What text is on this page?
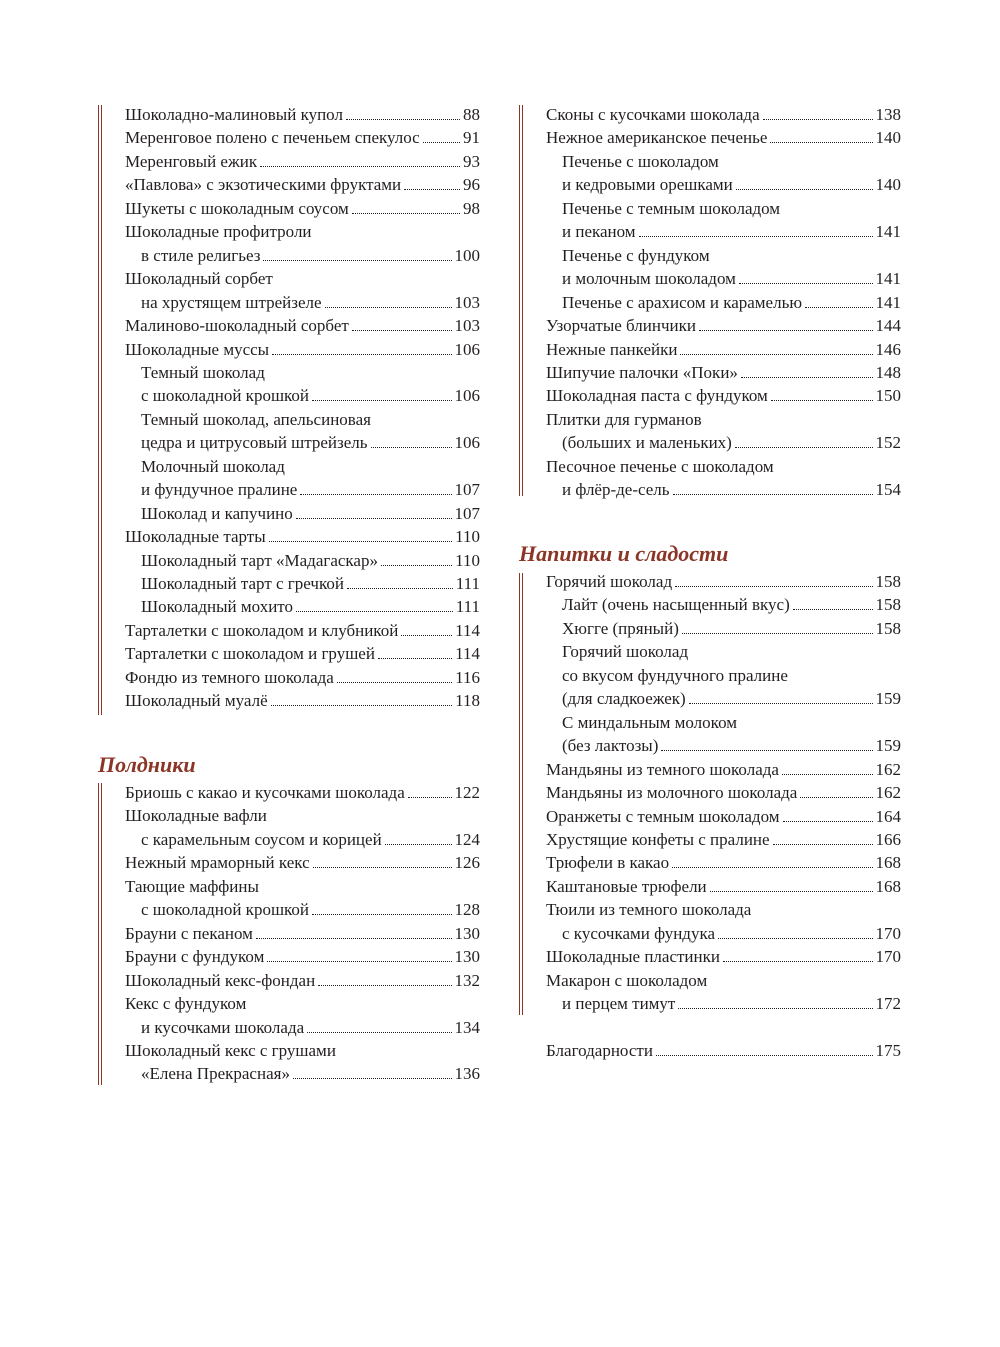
Шоколадно-малиновый купол	88
Меренговое полено с печеньем спекулос	91
Меренговый ежик	93
«Павлова» с экзотическими фруктами	96
Шукеты с шоколадным соусом	98
Шоколадные профитроли
в стиле религьез	100
Шоколадный сорбет
на хрустящем штрейзеле	103
Малиново-шоколадный сорбет	103
Шоколадные муссы	106
Темный шоколад
с шоколадной крошкой	106
Темный шоколад, апельсиновая
цедра и цитрусовый штрейзель	106
Молочный шоколад
и фундучное пралине	107
Шоколад и капучино	107
Шоколадные тарты	110
Шоколадный тарт «Мадагаскар»	110
Шоколадный тарт с гречкой	111
Шоколадный мохито	111
Тарталетки с шоколадом и клубникой	114
Тарталетки с шоколадом и грушей	114
Фондю из темного шоколада	116
Шоколадный муалё	118
Полдники
Бриошь с какао и кусочками шоколада	122
Шоколадные вафли
с карамельным соусом и корицей	124
Нежный мраморный кекс	126
Тающие маффины
с шоколадной крошкой	128
Брауни с пеканом	130
Брауни с фундуком	130
Шоколадный кекс-фондан	132
Кекс с фундуком
и кусочками шоколада	134
Шоколадный кекс с грушами
«Елена Прекрасная»	136
Сконы с кусочками шоколада	138
Нежное американское печенье	140
Печенье с шоколадом
и кедровыми орешками	140
Печенье с темным шоколадом
и пеканом	141
Печенье с фундуком
и молочным шоколадом	141
Печенье с арахисом и карамелью	141
Узорчатые блинчики	144
Нежные панкейки	146
Шипучие палочки «Поки»	148
Шоколадная паста с фундуком	150
Плитки для гурманов
(больших и маленьких)	152
Песочное печенье с шоколадом
и флёр-де-сель	154
Напитки и сладости
Горячий шоколад	158
Лайт (очень насыщенный вкус)	158
Хюгге (пряный)	158
Горячий шоколад
со вкусом фундучного пралине
(для сладкоежек)	159
С миндальным молоком
(без лактозы)	159
Мандьяны из темного шоколада	162
Мандьяны из молочного шоколада	162
Оранжеты с темным шоколадом	164
Хрустящие конфеты с пралине	166
Трюфели в какао	168
Каштановые трюфели	168
Тюили из темного шоколада
с кусочками фундука	170
Шоколадные пластинки	170
Макарон с шоколадом
и перцем тимут	172
Благодарности	175
